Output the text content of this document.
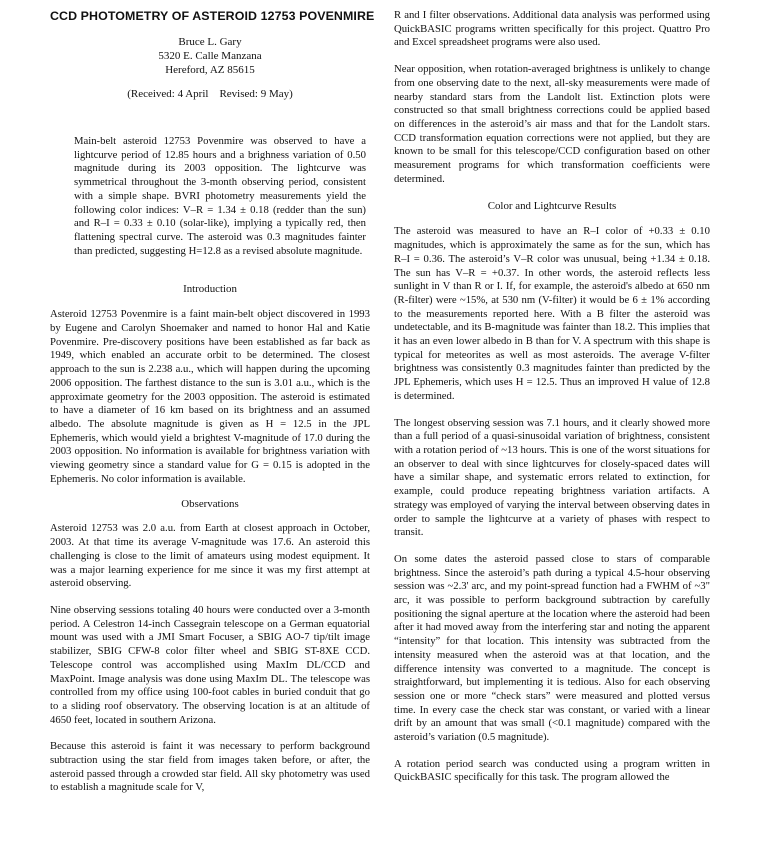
CCD PHOTOMETRY OF ASTEROID 12753 POVENMIRE
Bruce L. Gary
5320 E. Calle Manzana
Hereford, AZ 85615
(Received: 4 April    Revised: 9 May)

Main-belt asteroid 12753 Povenmire was observed to have a lightcurve period of 12.85 hours and a brighness variation of 0.50 magnitude during its 2003 opposition. The lightcurve was symmetrical throughout the 3-month observing period, consistent with a simple shape. BVRI photometry measurements yield the following color indices: V–R = 1.34 ± 0.18 (redder than the sun) and R–I = 0.33 ± 0.10 (solar-like), implying a typically red, then flattening spectral curve. The asteroid was 0.3 magnitudes fainter than predicted, suggesting H=12.8 as a revised absolute magnitude.

Introduction

Asteroid 12753 Povenmire is a faint main-belt object discovered in 1993 by Eugene and Carolyn Shoemaker and named to honor Hal and Katie Povenmire. Pre-discovery positions have been established as far back as 1949, which enabled an accurate orbit to be determined. The closest approach to the sun is 2.238 a.u., which will happen during the upcoming 2006 opposition. The farthest distance to the sun is 3.01 a.u., which is the approximate geometry for the 2003 opposition. The asteroid is estimated to have a diameter of 16 km based on its brightness and an assumed albedo. The absolute magnitude is given as H = 12.5 in the JPL Ephemeris, which would yield a brightest V-magnitude of 17.0 during the 2003 opposition. No information is available for brightness variation with viewing geometry since a standard value for G = 0.15 is adopted in the Ephemeris. No color information is available.

Observations

Asteroid 12753 was 2.0 a.u. from Earth at closest approach in October, 2003. At that time its average V-magnitude was 17.6. An asteroid this challenging is close to the limit of amateurs using modest equipment. It was a major learning experience for me since it was my first attempt at asteroid observing.

Nine observing sessions totaling 40 hours were conducted over a 3-month period. A Celestron 14-inch Cassegrain telescope on a German equatorial mount was used with a JMI Smart Focuser, a SBIG AO-7 tip/tilt image stabilizer, SBIG CFW-8 color filter wheel and SBIG ST-8XE CCD. Telescope control was accomplished using MaxIm DL/CCD and MaxPoint. Image analysis was done using MaxIm DL. The telescope was controlled from my office using 100-foot cables in buried conduit that go to a sliding roof observatory. The observing location is at an altitude of 4650 feet, located in southern Arizona.

Because this asteroid is faint it was necessary to perform background subtraction using the star field from images taken before, or after, the asteroid passed through a crowded star field. All sky photometry was used to establish a magnitude scale for V,

R and I filter observations. Additional data analysis was performed using QuickBASIC programs written specifically for this project. Quattro Pro and Excel spreadsheet programs were also used.

Near opposition, when rotation-averaged brightness is unlikely to change from one observing date to the next, all-sky measurements were made of nearby standard stars from the Landolt list. Extinction plots were constructed so that small brightness corrections could be applied based on differences in the asteroid’s air mass and that for the Landolt stars. CCD transformation equation corrections were not applied, but they are known to be small for this telescope/CCD configuration based on other measurement programs for which transformation coefficients were determined.

Color and Lightcurve Results

The asteroid was measured to have an R–I color of +0.33 ± 0.10 magnitudes, which is approximately the same as for the sun, which has R–I = 0.36. The asteroid’s V–R color was unusual, being +1.34 ± 0.18. The sun has V–R = +0.37. In other words, the asteroid reflects less sunlight in V than R or I. If, for example, the asteroid's albedo at 650 nm (R-filter) were ~15%, at 530 nm (V-filter) it would be 6 ± 1% according to the measurements reported here. With a B filter the asteroid was undetectable, and its B-magnitude was fainter than 18.2. This implies that it has an even lower albedo in B than for V. A spectrum with this shape is typical for meteorites as well as most asteroids. The average V-filter brightness was consistently 0.3 magnitudes fainter than predicted by the JPL Ephemeris, which uses H = 12.5. Thus an improved H value of 12.8 is determined.

The longest observing session was 7.1 hours, and it clearly showed more than a full period of a quasi-sinusoidal variation of brightness, consistent with a rotation period of ~13 hours. This is one of the worst situations for an observer to deal with since lightcurves for closely-spaced dates will have a similar shape, and systematic errors related to extinction, for example, could produce repeating brightness variation artifacts. A strategy was employed of varying the interval between observing dates in order to sample the lightcurve at a variety of phases with respect to transit.

On some dates the asteroid passed close to stars of comparable brightness. Since the asteroid’s path during a typical 4.5-hour observing session was ~2.3' arc, and my point-spread function had a FWHM of ~3" arc, it was possible to perform background subtraction by carefully positioning the signal aperture at the location where the asteroid had been after it had moved away from the interfering star and noting the apparent “intensity” for that location. This intensity was subtracted from the intensity measured when the asteroid was at that location, and the difference intensity was converted to a magnitude. The concept is straightforward, but implementing it is tedious. Also for each observing session one or more “check stars” were measured and plotted versus time. In every case the check star was constant, or varied with a linear drift by an amount that was small (<0.1 magnitude) compared with the asteroid’s variation (0.5 magnitude).

A rotation period search was conducted using a program written in QuickBASIC specifically for this task. The program allowed the
